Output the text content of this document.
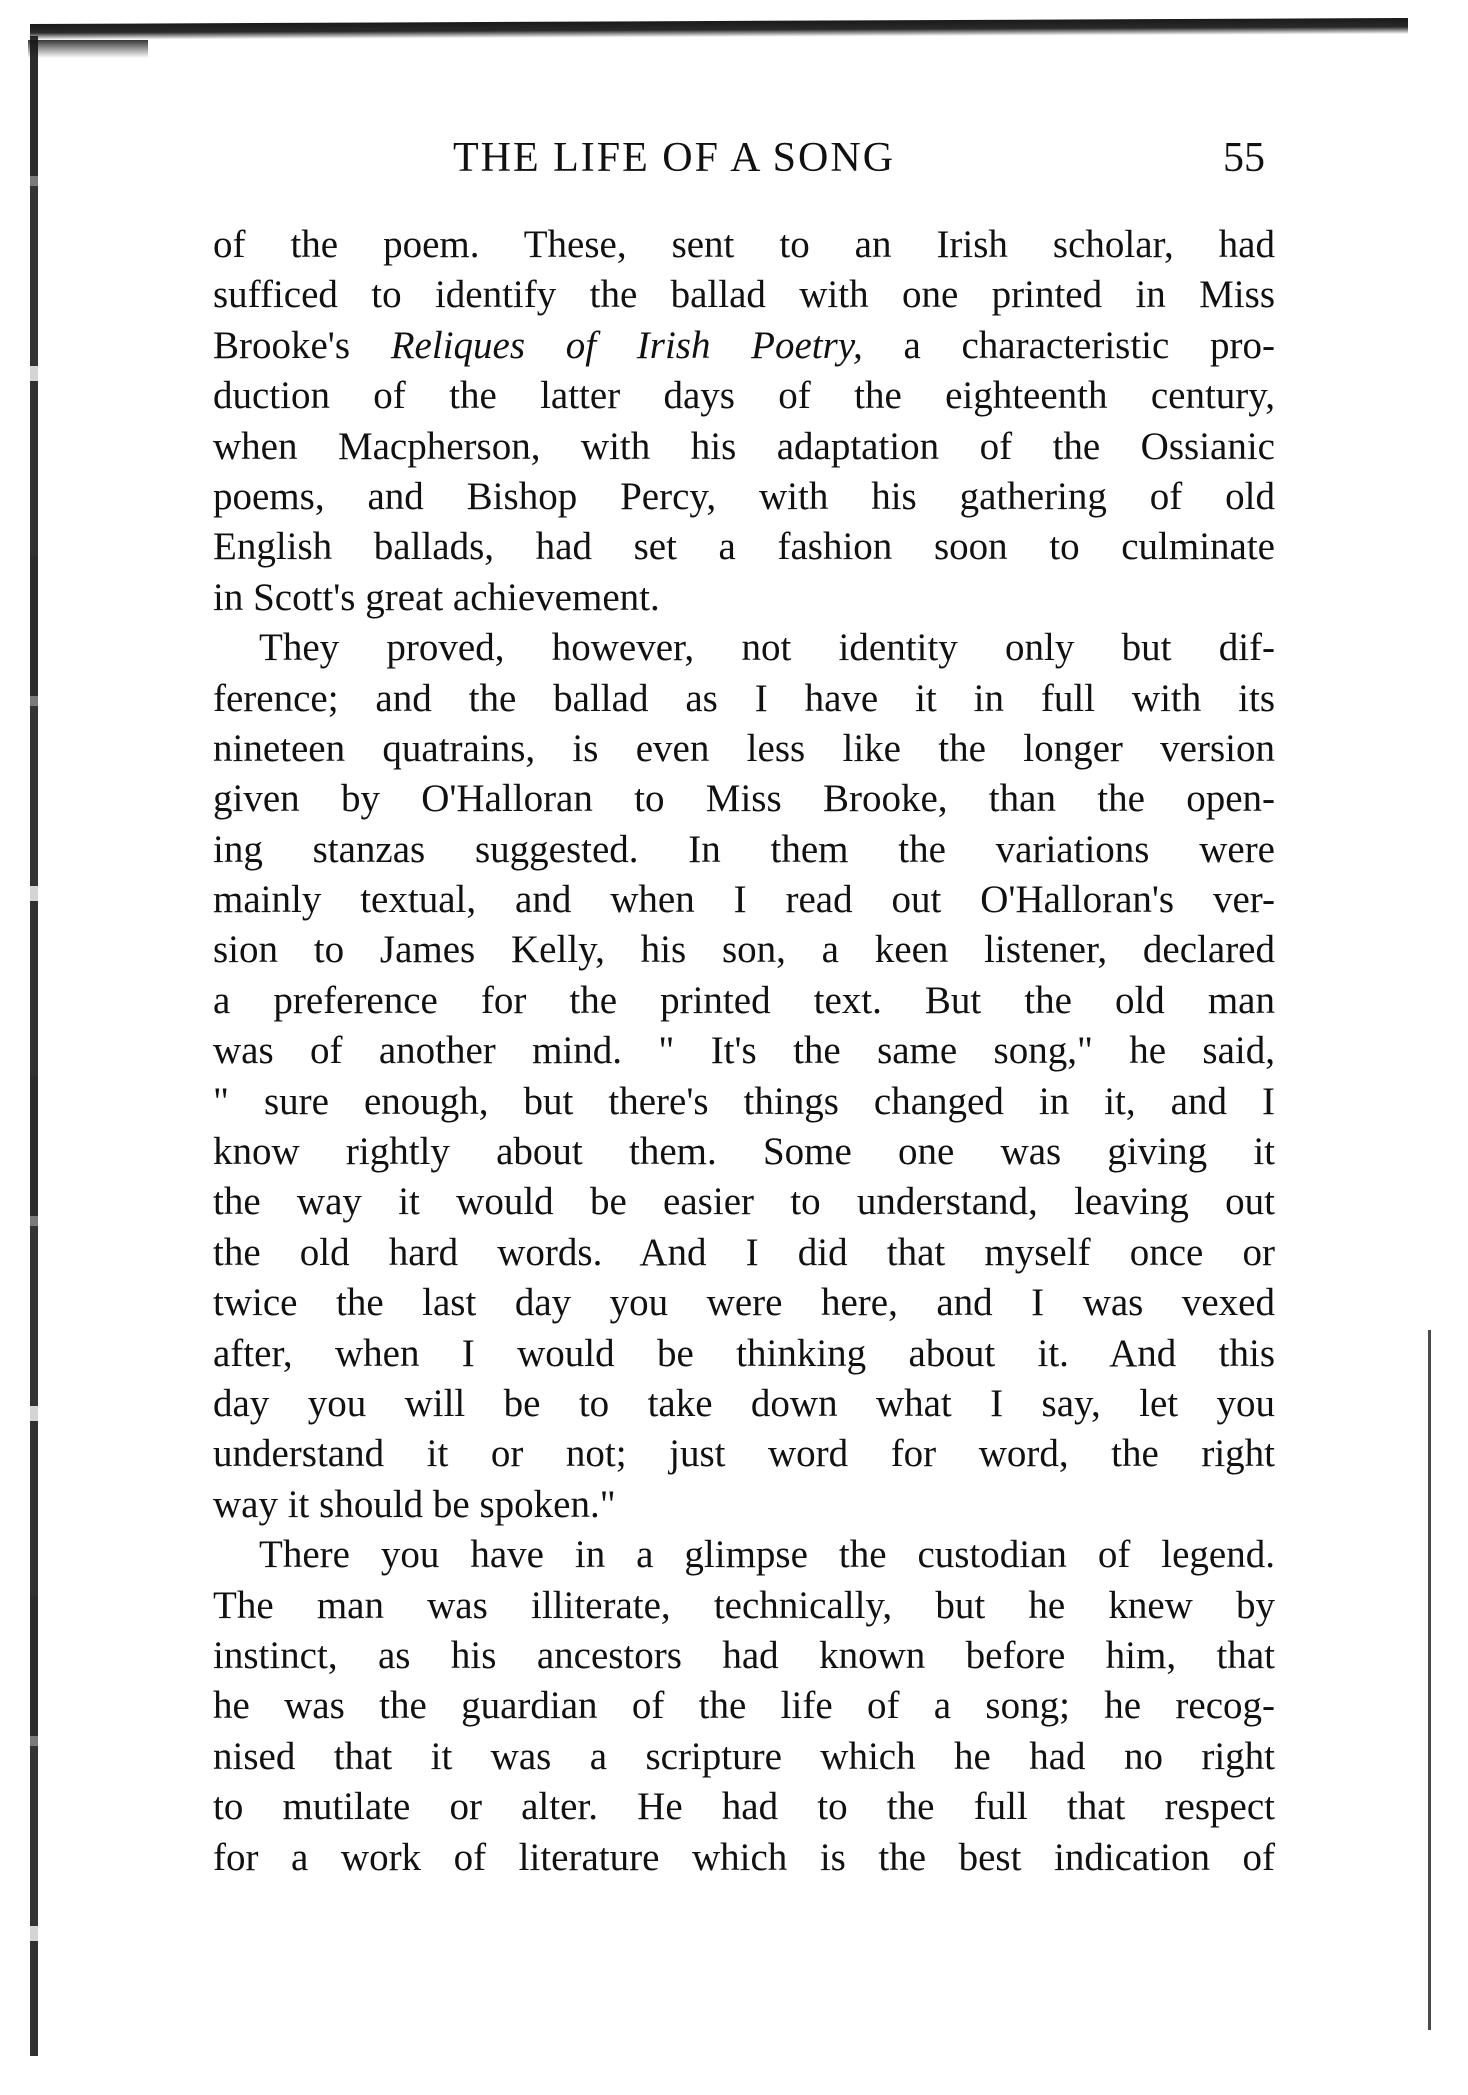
THE LIFE OF A SONG	55
of the poem. These, sent to an Irish scholar, had
sufficed to identify the ballad with one printed in Miss
Brooke's Reliques of Irish Poetry, a characteristic pro-
duction of the latter days of the eighteenth century,
when Macpherson, with his adaptation of the Ossianic
poems, and Bishop Percy, with his gathering of old
English ballads, had set a fashion soon to culminate
in Scott's great achievement.
They proved, however, not identity only but dif-
ference; and the ballad as I have it in full with its
nineteen quatrains, is even less like the longer version
given by O'Halloran to Miss Brooke, than the open-
ing stanzas suggested. In them the variations were
mainly textual, and when I read out O'Halloran's ver-
sion to James Kelly, his son, a keen listener, declared
a preference for the printed text. But the old man
was of another mind. " It's the same song," he said,
" sure enough, but there's things changed in it, and I
know rightly about them. Some one was giving it
the way it would be easier to understand, leaving out
the old hard words. And I did that myself once or
twice the last day you were here, and I was vexed
after, when I would be thinking about it. And this
day you will be to take down what I say, let you
understand it or not; just word for word, the right
way it should be spoken."
There you have in a glimpse the custodian of legend.
The man was illiterate, technically, but he knew by
instinct, as his ancestors had known before him, that
he was the guardian of the life of a song; he recog-
nised that it was a scripture which he had no right
to mutilate or alter. He had to the full that respect
for a work of literature which is the best indication of
